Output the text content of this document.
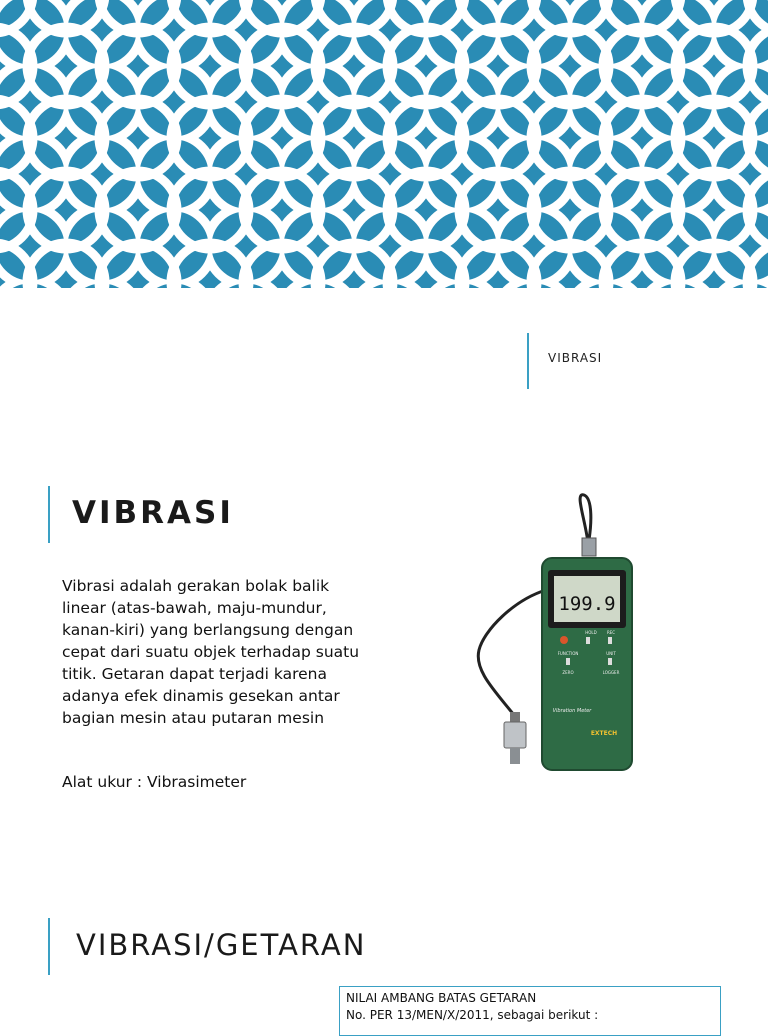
VIBRASI
VIBRASI
Vibrasi adalah gerakan bolak balik linear (atas-bawah, maju-mundur, kanan-kiri) yang berlangsung dengan cepat dari suatu objek terhadap suatu titik. Getaran dapat terjadi karena adanya efek dinamis gesekan antar bagian mesin atau putaran mesin
Alat ukur : Vibrasimeter
199.9
HOLD	REC
FUNCTION	UNIT
ZERO	LOGGER
Vibration Meter
EXTECH
VIBRASI/GETARAN
NILAI AMBANG BATAS GETARAN
No. PER 13/MEN/X/2011, sebagai berikut :
